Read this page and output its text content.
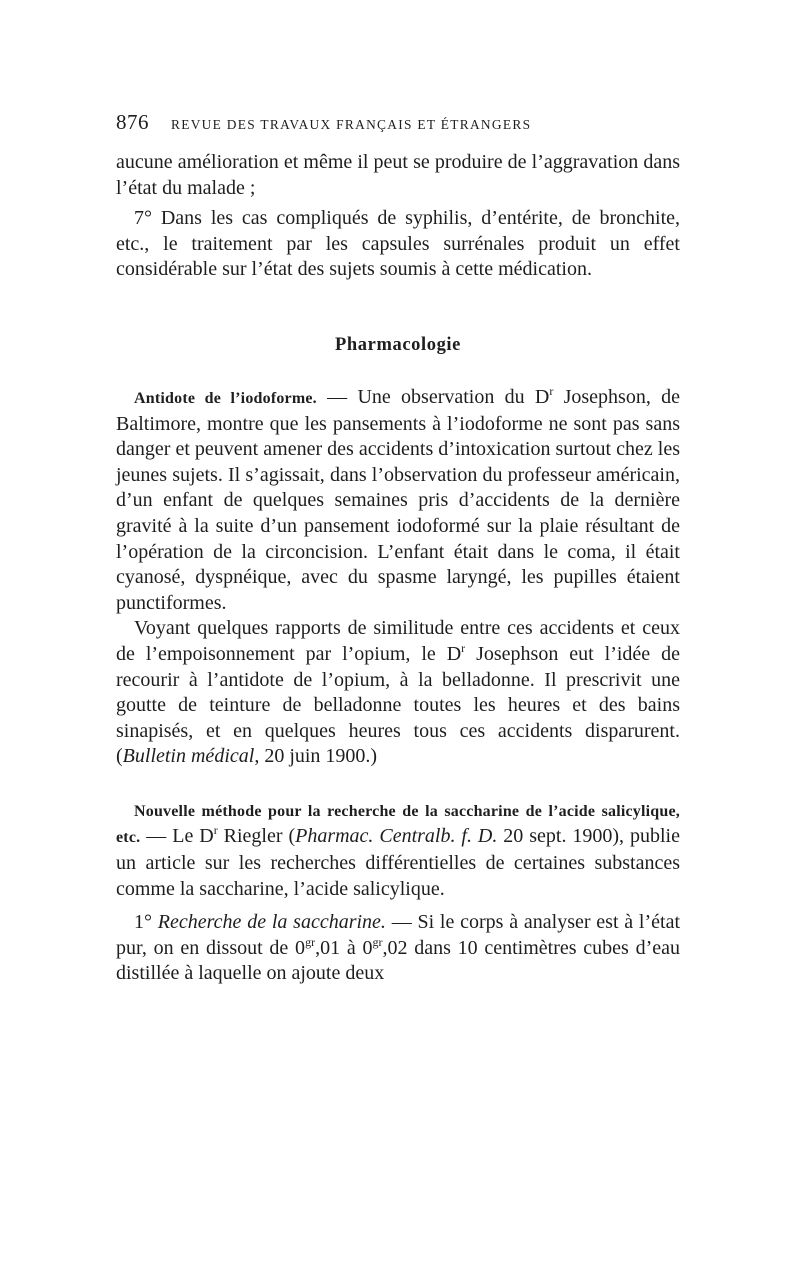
876 REVUE DES TRAVAUX FRANÇAIS ET ÉTRANGERS

aucune amélioration et même il peut se produire de l’aggravation dans l’état du malade ;

7° Dans les cas compliqués de syphilis, d’entérite, de bronchite, etc., le traitement par les capsules surrénales produit un effet considérable sur l’état des sujets soumis à cette médication.

Pharmacologie

Antidote de l’iodoforme. — Une observation du $D^r$ Josephson, de Baltimore, montre que les pansements à l’iodoforme ne sont pas sans danger et peuvent amener des accidents d’intoxication surtout chez les jeunes sujets. Il s’agissait, dans l’observation du professeur américain, d’un enfant de quelques semaines pris d’accidents de la dernière gravité à la suite d’un pansement iodoformé sur la plaie résultant de l’opération de la circoncision. L’enfant était dans le coma, il était cyanosé, dyspnéique, avec du spasme laryngé, les pupilles étaient punctiformes.

Voyant quelques rapports de similitude entre ces accidents et ceux de l’empoisonnement par l’opium, le $D^r$ Josephson eut l’idée de recourir à l’antidote de l’opium, à la belladonne. Il prescrivit une goutte de teinture de belladonne toutes les heures et des bains sinapisés, et en quelques heures tous ces accidents disparurent. (Bulletin médical, 20 juin 1900.)

Nouvelle méthode pour la recherche de la saccharine de l’acide salicylique, etc. — Le $D^r$ Riegler (Pharmac. Centralb. f. D. 20 sept. 1900), publie un article sur les recherches différentielles de certaines substances comme la saccharine, l’acide salicylique.

1° Recherche de la saccharine. — Si le corps à analyser est à l’état pur, on en dissout de $0^{gr},01$ à $0^{gr},02$ dans 10 centimètres cubes d’eau distillée à laquelle on ajoute deux
